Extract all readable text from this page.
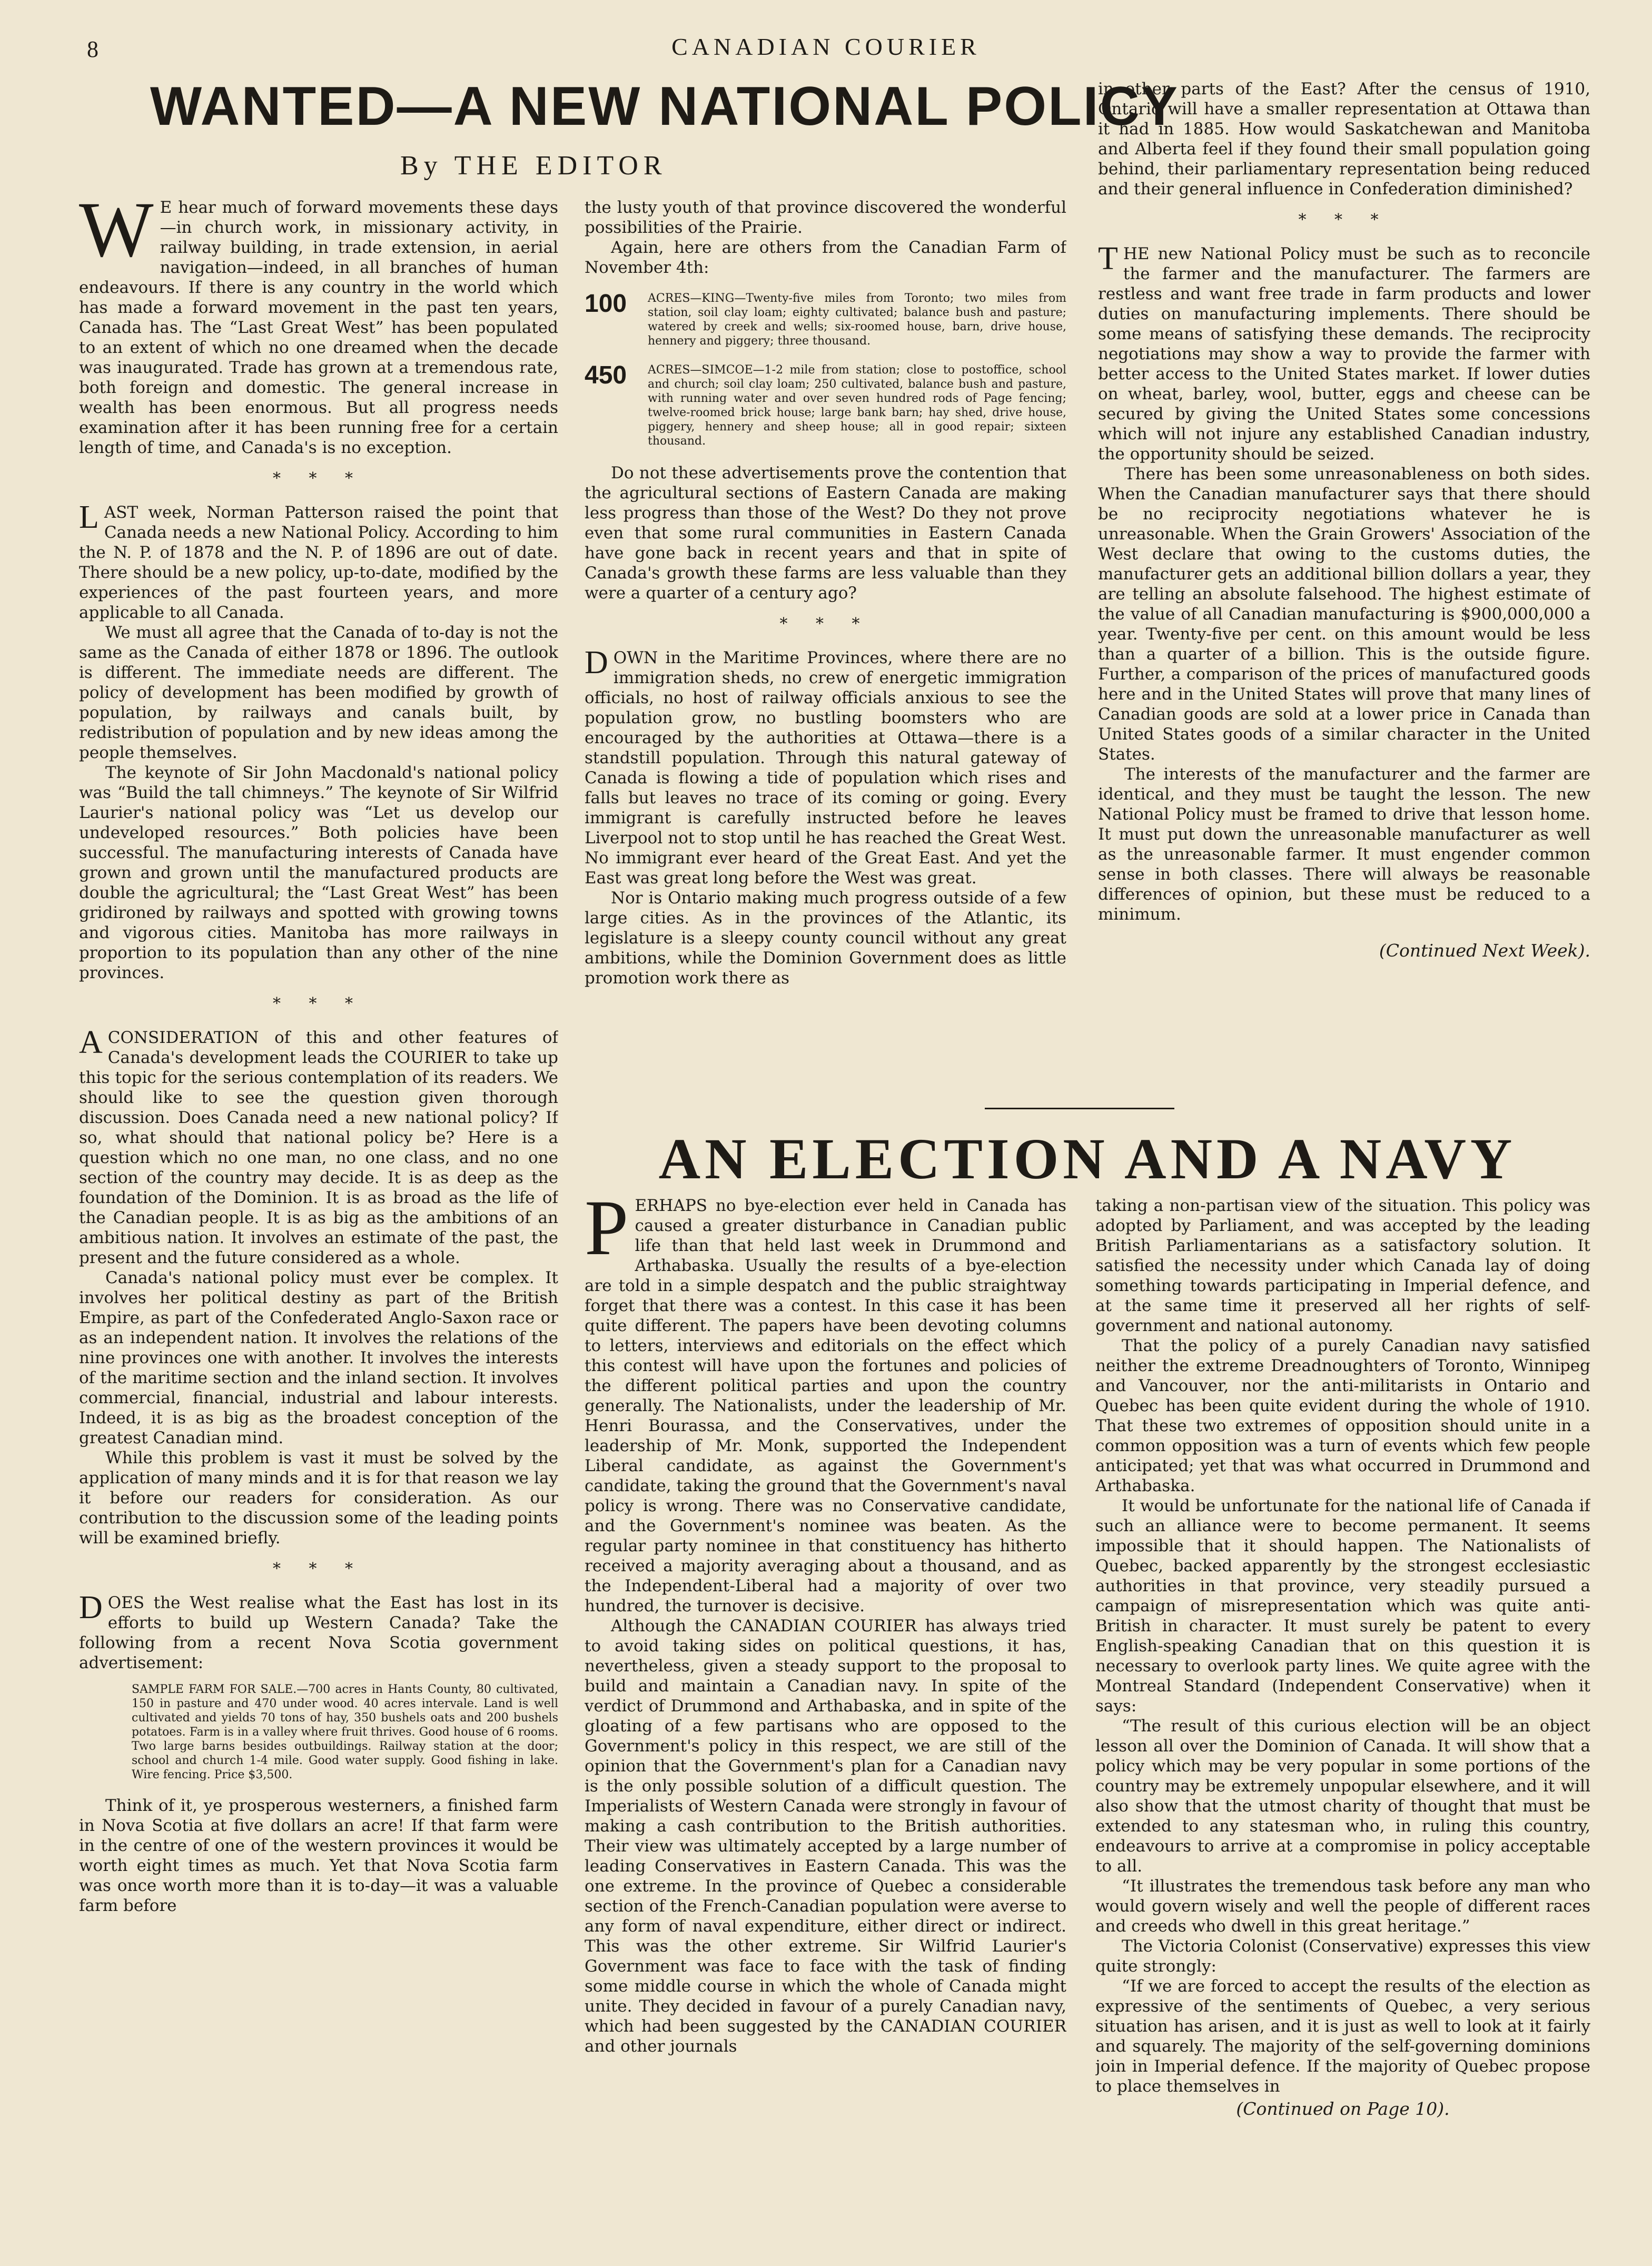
8	CANADIAN COURIER
WANTED—A NEW NATIONAL POLICY
By THE EDITOR

W E hear much of forward movements these days—in church work, in missionary activity, in railway building, in trade extension, in aerial navigation—indeed, in all branches of human endeavours. If there is any country in the world which has made a forward movement in the past ten years, Canada has. The “Last Great West” has been populated to an extent of which no one dreamed when the decade was inaugurated. Trade has grown at a tremendous rate, both foreign and domestic. The general increase in wealth has been enormous. But all progress needs examination after it has been running free for a certain length of time, and Canada's is no exception.

* * *

LAST week, Norman Patterson raised the point that Canada needs a new National Policy. According to him the N. P. of 1878 and the N. P. of 1896 are out of date. There should be a new policy, up-to-date, modified by the experiences of the past fourteen years, and more applicable to all Canada.

We must all agree that the Canada of to-day is not the same as the Canada of either 1878 or 1896. The outlook is different. The immediate needs are different. The policy of development has been modified by growth of population, by railways and canals built, by redistribution of population and by new ideas among the people themselves.

The keynote of Sir John Macdonald's national policy was “Build the tall chimneys.” The keynote of Sir Wilfrid Laurier's national policy was “Let us develop our undeveloped resources.” Both policies have been successful. The manufacturing interests of Canada have grown and grown until the manufactured products are double the agricultural; the “Last Great West” has been gridironed by railways and spotted with growing towns and vigorous cities. Manitoba has more railways in proportion to its population than any other of the nine provinces.

* * *

ACONSIDERATION of this and other features of Canada's development leads the COURIER to take up this topic for the serious contemplation of its readers. We should like to see the question given thorough discussion. Does Canada need a new national policy? If so, what should that national policy be? Here is a question which no one man, no one class, and no one section of the country may decide. It is as deep as the foundation of the Dominion. It is as broad as the life of the Canadian people. It is as big as the ambitions of an ambitious nation. It involves an estimate of the past, the present and the future considered as a whole.

Canada's national policy must ever be complex. It involves her political destiny as part of the British Empire, as part of the Confederated Anglo-Saxon race or as an independent nation. It involves the relations of the nine provinces one with another. It involves the interests of the maritime section and the inland section. It involves commercial, financial, industrial and labour interests. Indeed, it is as big as the broadest conception of the greatest Canadian mind.

While this problem is vast it must be solved by the application of many minds and it is for that reason we lay it before our readers for consideration. As our contribution to the discussion some of the leading points will be examined briefly.

* * *

DOES the West realise what the East has lost in its efforts to build up Western Canada? Take the following from a recent Nova Scotia government advertisement:

SAMPLE FARM FOR SALE.—700 acres in Hants County, 80 cultivated, 150 in pasture and 470 under wood. 40 acres intervale. Land is well cultivated and yields 70 tons of hay, 350 bushels oats and 200 bushels potatoes. Farm is in a valley where fruit thrives. Good house of 6 rooms. Two large barns besides outbuildings. Railway station at the door; school and church 1-4 mile. Good water supply. Good fishing in lake. Wire fencing. Price $3,500.

Think of it, ye prosperous westerners, a finished farm in Nova Scotia at five dollars an acre! If that farm were in the centre of one of the western provinces it would be worth eight times as much. Yet that Nova Scotia farm was once worth more than it is to-day—it was a valuable farm before

the lusty youth of that province discovered the wonderful possibilities of the Prairie.

Again, here are others from the Canadian Farm of November 4th:

100 ACRES—KING—Twenty-five miles from Toronto; two miles from station, soil clay loam; eighty cultivated; balance bush and pasture; watered by creek and wells; six-roomed house, barn, drive house, hennery and piggery; three thousand.
450 ACRES—SIMCOE—1-2 mile from station; close to postoffice, school and church; soil clay loam; 250 cultivated, balance bush and pasture, with running water and over seven hundred rods of Page fencing; twelve-roomed brick house; large bank barn; hay shed, drive house, piggery, hennery and sheep house; all in good repair; sixteen thousand.

Do not these advertisements prove the contention that the agricultural sections of Eastern Canada are making less progress than those of the West? Do they not prove even that some rural communities in Eastern Canada have gone back in recent years and that in spite of Canada's growth these farms are less valuable than they were a quarter of a century ago?

* * *

DOWN in the Maritime Provinces, where there are no immigration sheds, no crew of energetic immigration officials, no host of railway officials anxious to see the population grow, no bustling boomsters who are encouraged by the authorities at Ottawa—there is a standstill population. Through this natural gateway of Canada is flowing a tide of population which rises and falls but leaves no trace of its coming or going. Every immigrant is carefully instructed before he leaves Liverpool not to stop until he has reached the Great West. No immigrant ever heard of the Great East. And yet the East was great long before the West was great.

Nor is Ontario making much progress outside of a few large cities. As in the provinces of the Atlantic, its legislature is a sleepy county council without any great ambitions, while the Dominion Government does as little promotion work there as

in other parts of the East? After the census of 1910, Ontario will have a smaller representation at Ottawa than it had in 1885. How would Saskatchewan and Manitoba and Alberta feel if they found their small population going behind, their parliamentary representation being reduced and their general influence in Confederation diminished?

* * *

THE new National Policy must be such as to reconcile the farmer and the manufacturer. The farmers are restless and want free trade in farm products and lower duties on manufacturing implements. There should be some means of satisfying these demands. The reciprocity negotiations may show a way to provide the farmer with better access to the United States market. If lower duties on wheat, barley, wool, butter, eggs and cheese can be secured by giving the United States some concessions which will not injure any established Canadian industry, the opportunity should be seized.

There has been some unreasonableness on both sides. When the Canadian manufacturer says that there should be no reciprocity negotiations whatever he is unreasonable. When the Grain Growers' Association of the West declare that owing to the customs duties, the manufacturer gets an additional billion dollars a year, they are telling an absolute falsehood. The highest estimate of the value of all Canadian manufacturing is $900,000,000 a year. Twenty-five per cent. on this amount would be less than a quarter of a billion. This is the outside figure. Further, a comparison of the prices of manufactured goods here and in the United States will prove that many lines of Canadian goods are sold at a lower price in Canada than United States goods of a similar character in the United States.

The interests of the manufacturer and the farmer are identical, and they must be taught the lesson. The new National Policy must be framed to drive that lesson home. It must put down the unreasonable manufacturer as well as the unreasonable farmer. It must engender common sense in both classes. There will always be reasonable differences of opinion, but these must be reduced to a minimum.

(Continued Next Week).
AN ELECTION AND A NAVY

PERHAPS no bye-election ever held in Canada has caused a greater disturbance in Canadian public life than that held last week in Drummond and Arthabaska. Usually the results of a bye-election are told in a simple despatch and the public straightway forget that there was a contest. In this case it has been quite different. The papers have been devoting columns to letters, interviews and editorials on the effect which this contest will have upon the fortunes and policies of the different political parties and upon the country generally. The Nationalists, under the leadership of Mr. Henri Bourassa, and the Conservatives, under the leadership of Mr. Monk, supported the Independent Liberal candidate, as against the Government's candidate, taking the ground that the Government's naval policy is wrong. There was no Conservative candidate, and the Government's nominee was beaten. As the regular party nominee in that constituency has hitherto received a majority averaging about a thousand, and as the Independent-Liberal had a majority of over two hundred, the turnover is decisive.

Although the CANADIAN COURIER has always tried to avoid taking sides on political questions, it has, nevertheless, given a steady support to the proposal to build and maintain a Canadian navy. In spite of the verdict of Drummond and Arthabaska, and in spite of the gloating of a few partisans who are opposed to the Government's policy in this respect, we are still of the opinion that the Government's plan for a Canadian navy is the only possible solution of a difficult question. The Imperialists of Western Canada were strongly in favour of making a cash contribution to the British authorities. Their view was ultimately accepted by a large number of leading Conservatives in Eastern Canada. This was the one extreme. In the province of Quebec a considerable section of the French-Canadian population were averse to any form of naval expenditure, either direct or indirect. This was the other extreme. Sir Wilfrid Laurier's Government was face to face with the task of finding some middle course in which the whole of Canada might unite. They decided in favour of a purely Canadian navy, which had been suggested by the CANADIAN COURIER and other journals

taking a non-partisan view of the situation. This policy was adopted by Parliament, and was accepted by the leading British Parliamentarians as a satisfactory solution. It satisfied the necessity under which Canada lay of doing something towards participating in Imperial defence, and at the same time it preserved all her rights of self-government and national autonomy.

That the policy of a purely Canadian navy satisfied neither the extreme Dreadnoughters of Toronto, Winnipeg and Vancouver, nor the anti-militarists in Ontario and Quebec has been quite evident during the whole of 1910. That these two extremes of opposition should unite in a common opposition was a turn of events which few people anticipated; yet that was what occurred in Drummond and Arthabaska.

It would be unfortunate for the national life of Canada if such an alliance were to become permanent. It seems impossible that it should happen. The Nationalists of Quebec, backed apparently by the strongest ecclesiastic authorities in that province, very steadily pursued a campaign of misrepresentation which was quite anti-British in character. It must surely be patent to every English-speaking Canadian that on this question it is necessary to overlook party lines. We quite agree with the Montreal Standard (Independent Conservative) when it says:

“The result of this curious election will be an object lesson all over the Dominion of Canada. It will show that a policy which may be very popular in some portions of the country may be extremely unpopular elsewhere, and it will also show that the utmost charity of thought that must be extended to any statesman who, in ruling this country, endeavours to arrive at a compromise in policy acceptable to all.

“It illustrates the tremendous task before any man who would govern wisely and well the people of different races and creeds who dwell in this great heritage.”

The Victoria Colonist (Conservative) expresses this view quite strongly:

“If we are forced to accept the results of the election as expressive of the sentiments of Quebec, a very serious situation has arisen, and it is just as well to look at it fairly and squarely. The majority of the self-governing dominions join in Imperial defence. If the majority of Quebec propose to place themselves in

(Continued on Page 10).
